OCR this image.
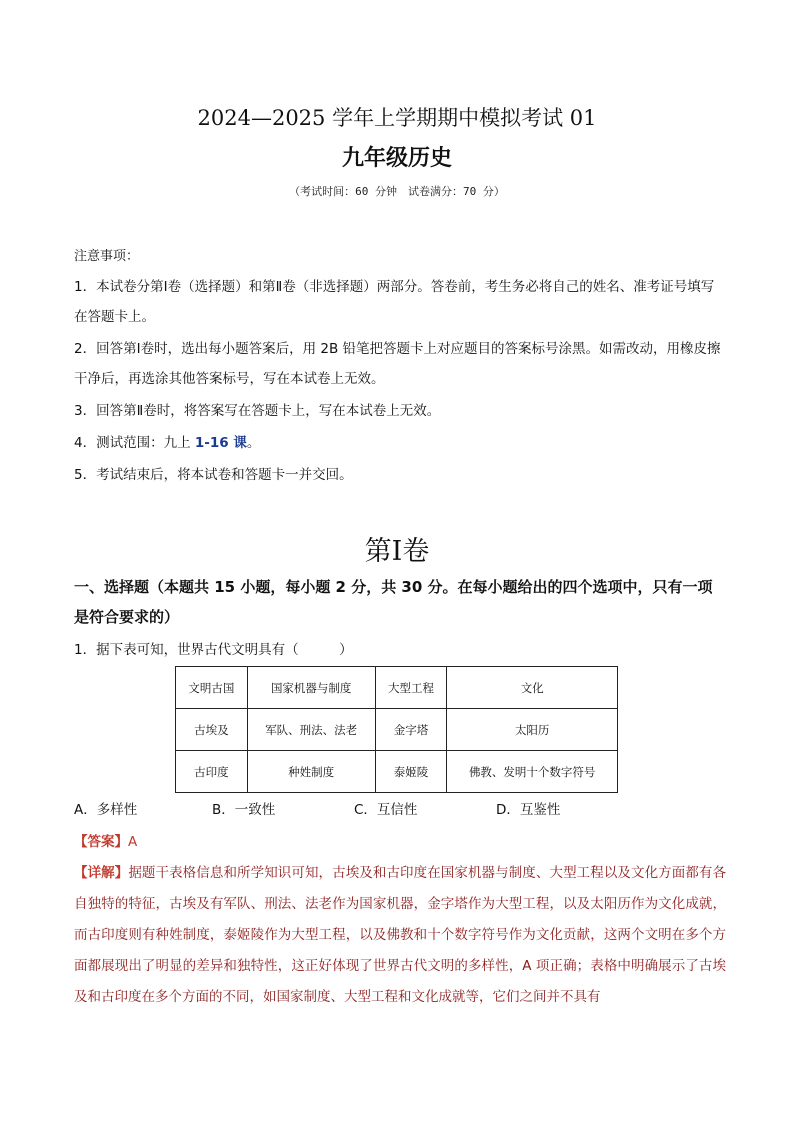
2024—2025 学年上学期期中模拟考试 01
九年级历史
（考试时间：60 分钟　试卷满分：70 分）
注意事项：
1．本试卷分第Ⅰ卷（选择题）和第Ⅱ卷（非选择题）两部分。答卷前，考生务必将自己的姓名、准考证号填写在答题卡上。
2．回答第Ⅰ卷时，选出每小题答案后，用 2B 铅笔把答题卡上对应题目的答案标号涂黑。如需改动，用橡皮擦干净后，再选涂其他答案标号，写在本试卷上无效。
3．回答第Ⅱ卷时，将答案写在答题卡上，写在本试卷上无效。
4．测试范围：九上 1-16 课。
5．考试结束后，将本试卷和答题卡一并交回。
第Ⅰ卷
一、选择题（本题共 15 小题，每小题 2 分，共 30 分。在每小题给出的四个选项中，只有一项是符合要求的）
1．据下表可知，世界古代文明具有（　　　）
文明古国	国家机器与制度	大型工程	文化
古埃及	军队、刑法、法老	金字塔	太阳历
古印度	种姓制度	泰姬陵	佛教、发明十个数字符号
A．多样性	B．一致性	C．互信性	D．互鉴性
【答案】A
【详解】据题干表格信息和所学知识可知，古埃及和古印度在国家机器与制度、大型工程以及文化方面都有各自独特的特征，古埃及有军队、刑法、法老作为国家机器，金字塔作为大型工程，以及太阳历作为文化成就，而古印度则有种姓制度，泰姬陵作为大型工程，以及佛教和十个数字符号作为文化贡献，这两个文明在多个方面都展现出了明显的差异和独特性，这正好体现了世界古代文明的多样性，A 项正确；表格中明确展示了古埃及和古印度在多个方面的不同，如国家制度、大型工程和文化成就等，它们之间并不具有
